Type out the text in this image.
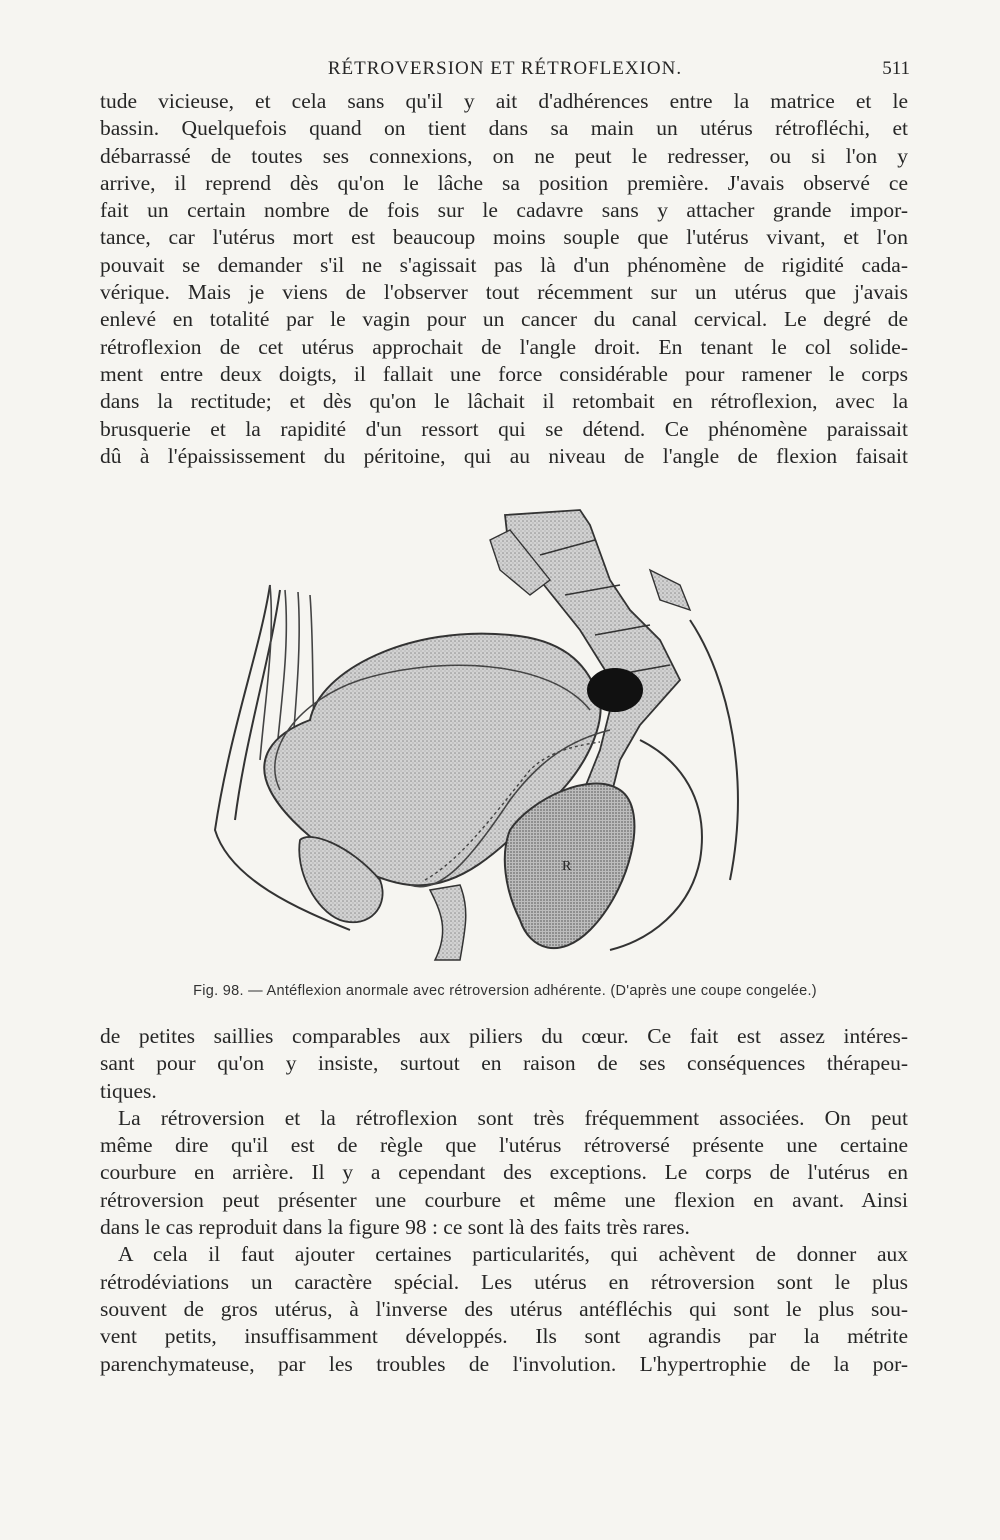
RÉTROVERSION ET RÉTROFLEXION.	511
tude vicieuse, et cela sans qu'il y ait d'adhérences entre la matrice et le
bassin. Quelquefois quand on tient dans sa main un utérus rétrofléchi, et
débarrassé de toutes ses connexions, on ne peut le redresser, ou si l'on y
arrive, il reprend dès qu'on le lâche sa position première. J'avais observé ce
fait un certain nombre de fois sur le cadavre sans y attacher grande impor-
tance, car l'utérus mort est beaucoup moins souple que l'utérus vivant, et l'on
pouvait se demander s'il ne s'agissait pas là d'un phénomène de rigidité cada-
vérique. Mais je viens de l'observer tout récemment sur un utérus que j'avais
enlevé en totalité par le vagin pour un cancer du canal cervical. Le degré de
rétroflexion de cet utérus approchait de l'angle droit. En tenant le col solide-
ment entre deux doigts, il fallait une force considérable pour ramener le corps
dans la rectitude; et dès qu'on le lâchait il retombait en rétroflexion, avec la
brusquerie et la rapidité d'un ressort qui se détend. Ce phénomène paraissait
dû à l'épaississement du péritoine, qui au niveau de l'angle de flexion faisait
R
Fig. 98. — Antéflexion anormale avec rétroversion adhérente. (D'après une coupe congelée.)
de petites saillies comparables aux piliers du cœur. Ce fait est assez intéres-
sant pour qu'on y insiste, surtout en raison de ses conséquences thérapeu-
tiques.
La rétroversion et la rétroflexion sont très fréquemment associées. On peut
même dire qu'il est de règle que l'utérus rétroversé présente une certaine
courbure en arrière. Il y a cependant des exceptions. Le corps de l'utérus en
rétroversion peut présenter une courbure et même une flexion en avant. Ainsi
dans le cas reproduit dans la figure 98 : ce sont là des faits très rares.
A cela il faut ajouter certaines particularités, qui achèvent de donner aux
rétrodéviations un caractère spécial. Les utérus en rétroversion sont le plus
souvent de gros utérus, à l'inverse des utérus antéfléchis qui sont le plus sou-
vent petits, insuffisamment développés. Ils sont agrandis par la métrite
parenchymateuse, par les troubles de l'involution. L'hypertrophie de la por-
